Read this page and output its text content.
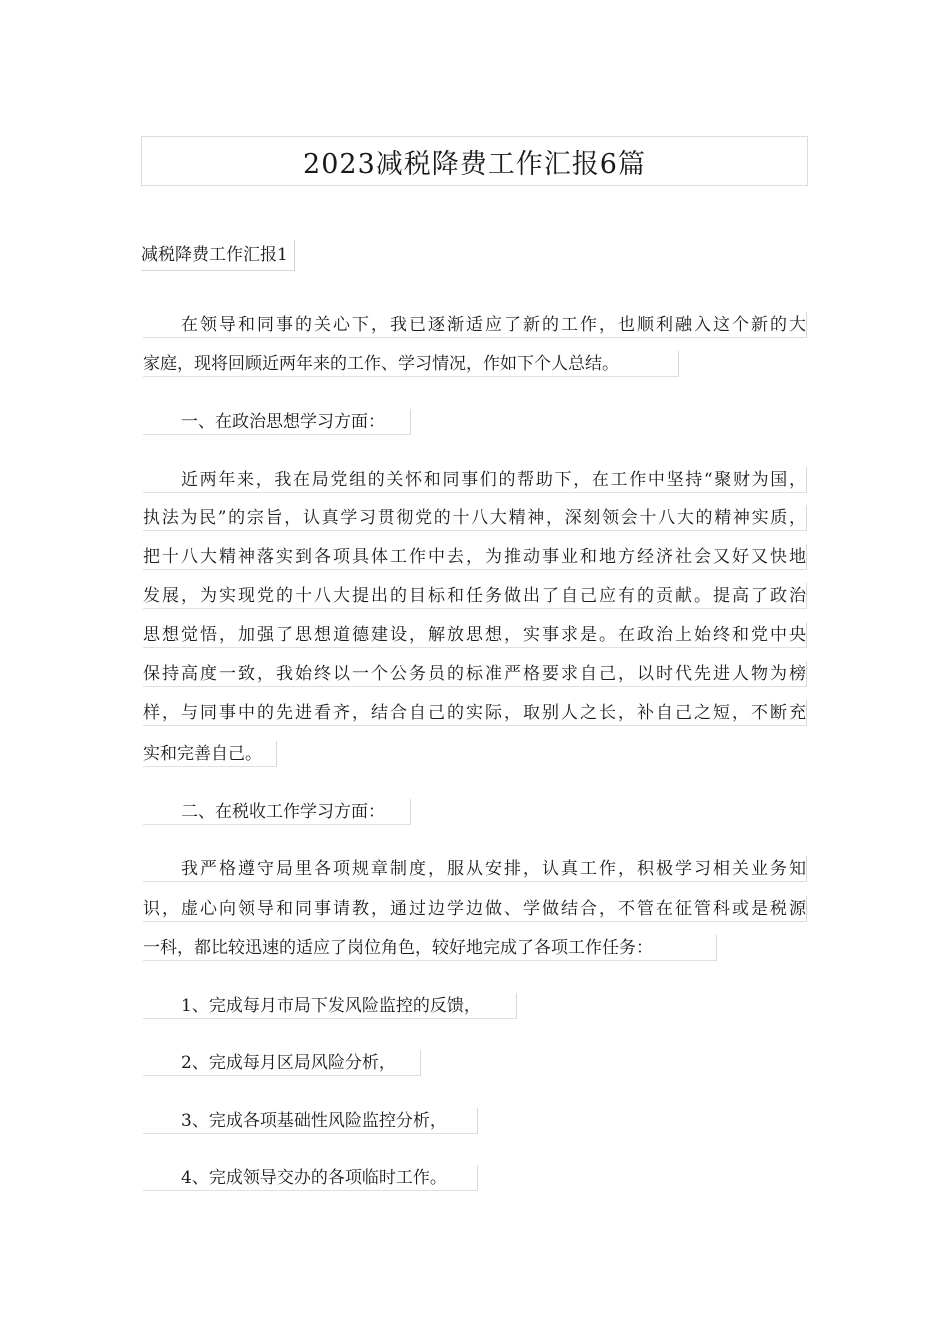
2023减税降费工作汇报6篇
减税降费工作汇报1
在领导和同事的关心下，我已逐渐适应了新的工作，也顺利融入这个新的大
家庭，现将回顾近两年来的工作、学习情况，作如下个人总结。
一、在政治思想学习方面：
近两年来，我在局党组的关怀和同事们的帮助下，在工作中坚持“聚财为国，
执法为民”的宗旨，认真学习贯彻党的十八大精神，深刻领会十八大的精神实质，
把十八大精神落实到各项具体工作中去，为推动事业和地方经济社会又好又快地
发展，为实现党的十八大提出的目标和任务做出了自己应有的贡献。提高了政治
思想觉悟，加强了思想道德建设，解放思想，实事求是。在政治上始终和党中央
保持高度一致，我始终以一个公务员的标准严格要求自己，以时代先进人物为榜
样，与同事中的先进看齐，结合自己的实际，取别人之长，补自己之短，不断充
实和完善自己。
二、在税收工作学习方面：
我严格遵守局里各项规章制度，服从安排，认真工作，积极学习相关业务知
识，虚心向领导和同事请教，通过边学边做、学做结合，不管在征管科或是税源
一科，都比较迅速的适应了岗位角色，较好地完成了各项工作任务：
1、完成每月市局下发风险监控的反馈，
2、完成每月区局风险分析，
3、完成各项基础性风险监控分析，
4、完成领导交办的各项临时工作。
